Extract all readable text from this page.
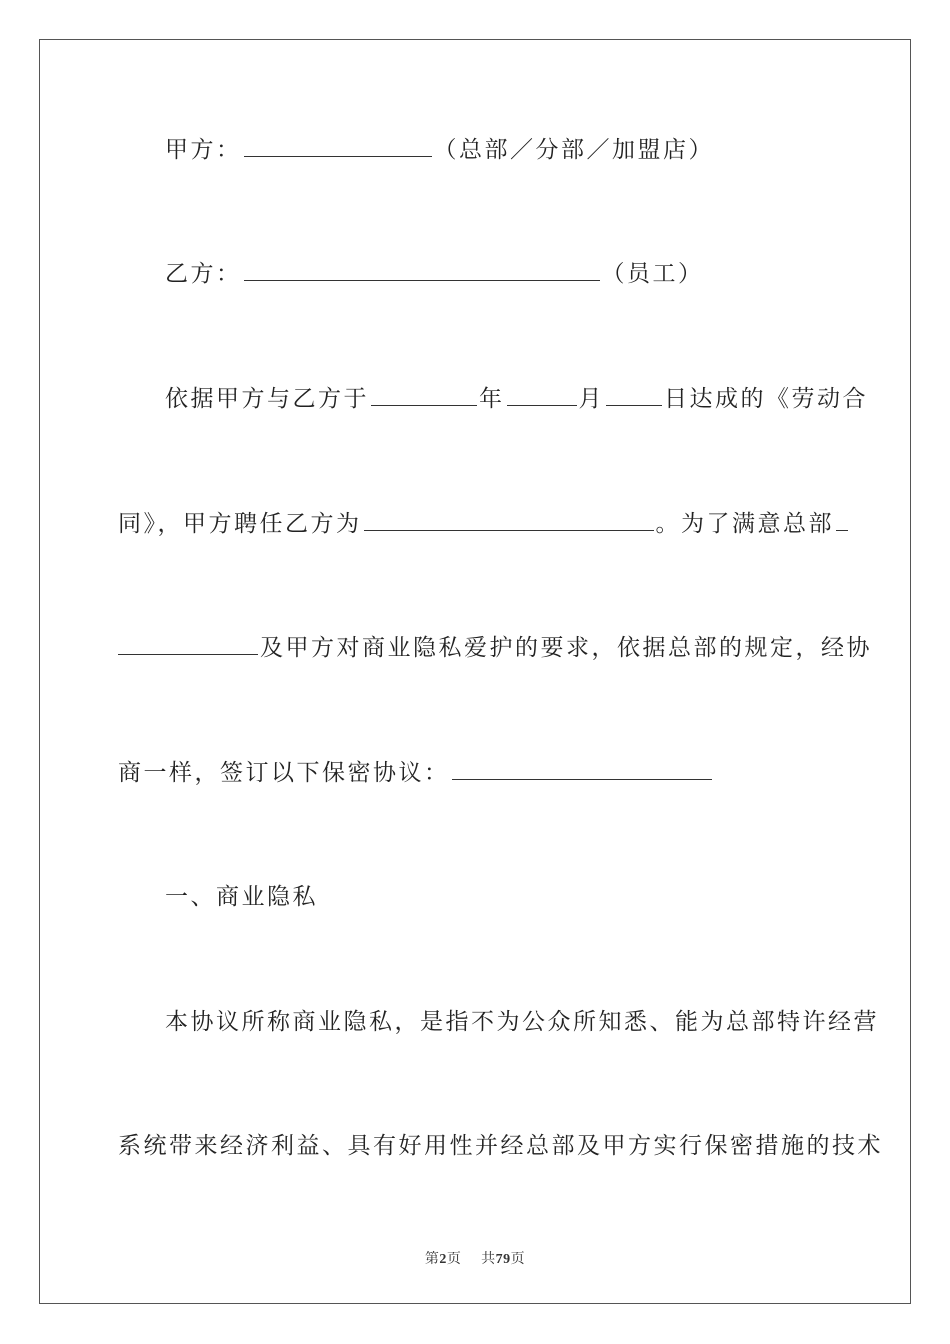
甲方：	（总部／分部／加盟店）
乙方：	（员工）
依据甲方与乙方于	年	月	日达成的《劳动合
同》，甲方聘任乙方为	。为了满意总部
及甲方对商业隐私爱护的要求，依据总部的规定，经协
商一样，签订以下保密协议：
一、商业隐私
本协议所称商业隐私，是指不为公众所知悉、能为总部特许经营
系统带来经济利益、具有好用性并经总部及甲方实行保密措施的技术
第2页 共79页
